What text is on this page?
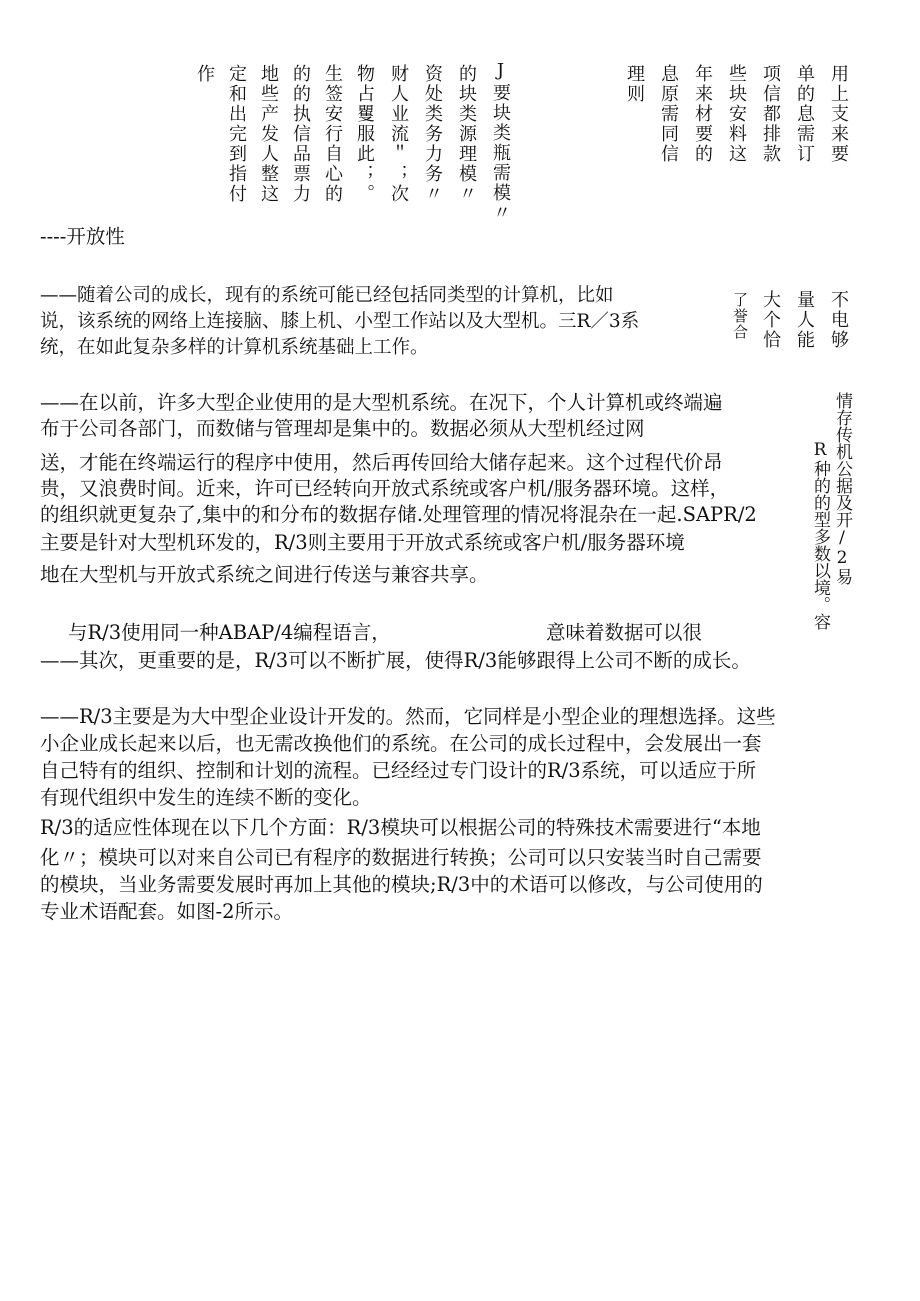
用上支来要
单的息需订
项信都排款
些块安料这
年来材要的
息原需同信
理则
J要块类瓶需模〃
的块类源理模〃
资处类务力务〃
财人业流＂；次
物占矍服此；。
生签安行自心的
的的执信品票力
地些产发人整这
定和出完到指付
作
不电够
量人能
大个恰
了誉合
情存传机公据及开/2易
R种的的型多数以境。容
----开放性
——随着公司的成长，现有的系统可能已经包括同类型的计算机，比如
说，该系统的网络上连接脑、膝上机、小型工作站以及大型机。三R／3系
统，在如此复杂多样的计算机系统基础上工作。
——在以前，许多大型企业使用的是大型机系统。在况下，个人计算机或终端遍
布于公司各部门，而数储与管理却是集中的。数据必须从大型机经过网
送，才能在终端运行的程序中使用，然后再传回给大储存起来。这个过程代价昂
贵，又浪费时间。近来，许可已经转向开放式系统或客户机/服务器环境。这样，
的组织就更复杂了,集中的和分布的数据存储.处理管理的情况将混杂在一起.SAPR/2
主要是针对大型机环发的，R/3则主要用于开放式系统或客户机/服务器环境
地在大型机与开放式系统之间进行传送与兼容共享。
与R/3使用同一种ABAP/4编程语言，	意味着数据可以很
——其次，更重要的是，R/3可以不断扩展，使得R/3能够跟得上公司不断的成长。
——R/3主要是为大中型企业设计开发的。然而，它同样是小型企业的理想选择。这些
小企业成长起来以后，也无需改换他们的系统。在公司的成长过程中，会发展出一套
自己特有的组织、控制和计划的流程。已经经过专门设计的R/3系统，可以适应于所
有现代组织中发生的连续不断的变化。
R/3的适应性体现在以下几个方面：R/3模块可以根据公司的特殊技术需要进行“本地
化〃；模块可以对来自公司已有程序的数据进行转换；公司可以只安装当时自己需要
的模块，当业务需要发展时再加上其他的模块;R/3中的术语可以修改，与公司使用的
专业术语配套。如图-2所示。
